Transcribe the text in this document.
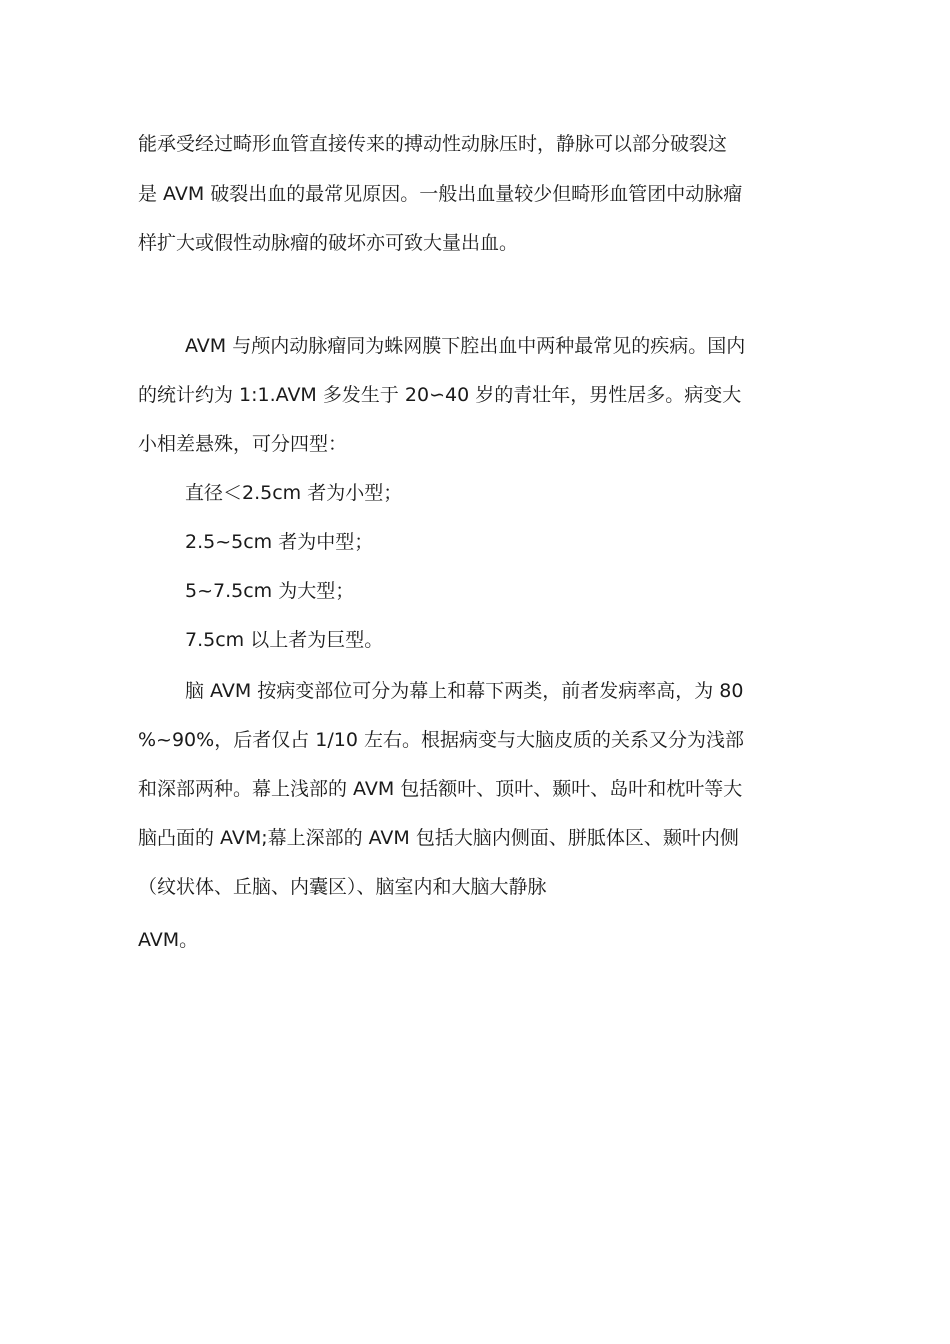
能承受经过畸形血管直接传来的搏动性动脉压时，静脉可以部分破裂这
是 AVM 破裂出血的最常见原因。一般出血量较少但畸形血管团中动脉瘤
样扩大或假性动脉瘤的破坏亦可致大量出血。
AVM 与颅内动脉瘤同为蛛网膜下腔出血中两种最常见的疾病。国内
的统计约为 1:1.AVM 多发生于 20∽40 岁的青壮年，男性居多。病变大
小相差悬殊，可分四型：
直径＜2.5cm 者为小型；
2.5~5cm 者为中型；
5~7.5cm 为大型；
7.5cm 以上者为巨型。
脑 AVM 按病变部位可分为幕上和幕下两类，前者发病率高，为 80
%~90%，后者仅占 1/10 左右。根据病变与大脑皮质的关系又分为浅部
和深部两种。幕上浅部的 AVM 包括额叶、顶叶、颞叶、岛叶和枕叶等大
脑凸面的 AVM;幕上深部的 AVM 包括大脑内侧面、胼胝体区、颞叶内侧
（纹状体、丘脑、内囊区）、脑室内和大脑大静脉
AVM。
